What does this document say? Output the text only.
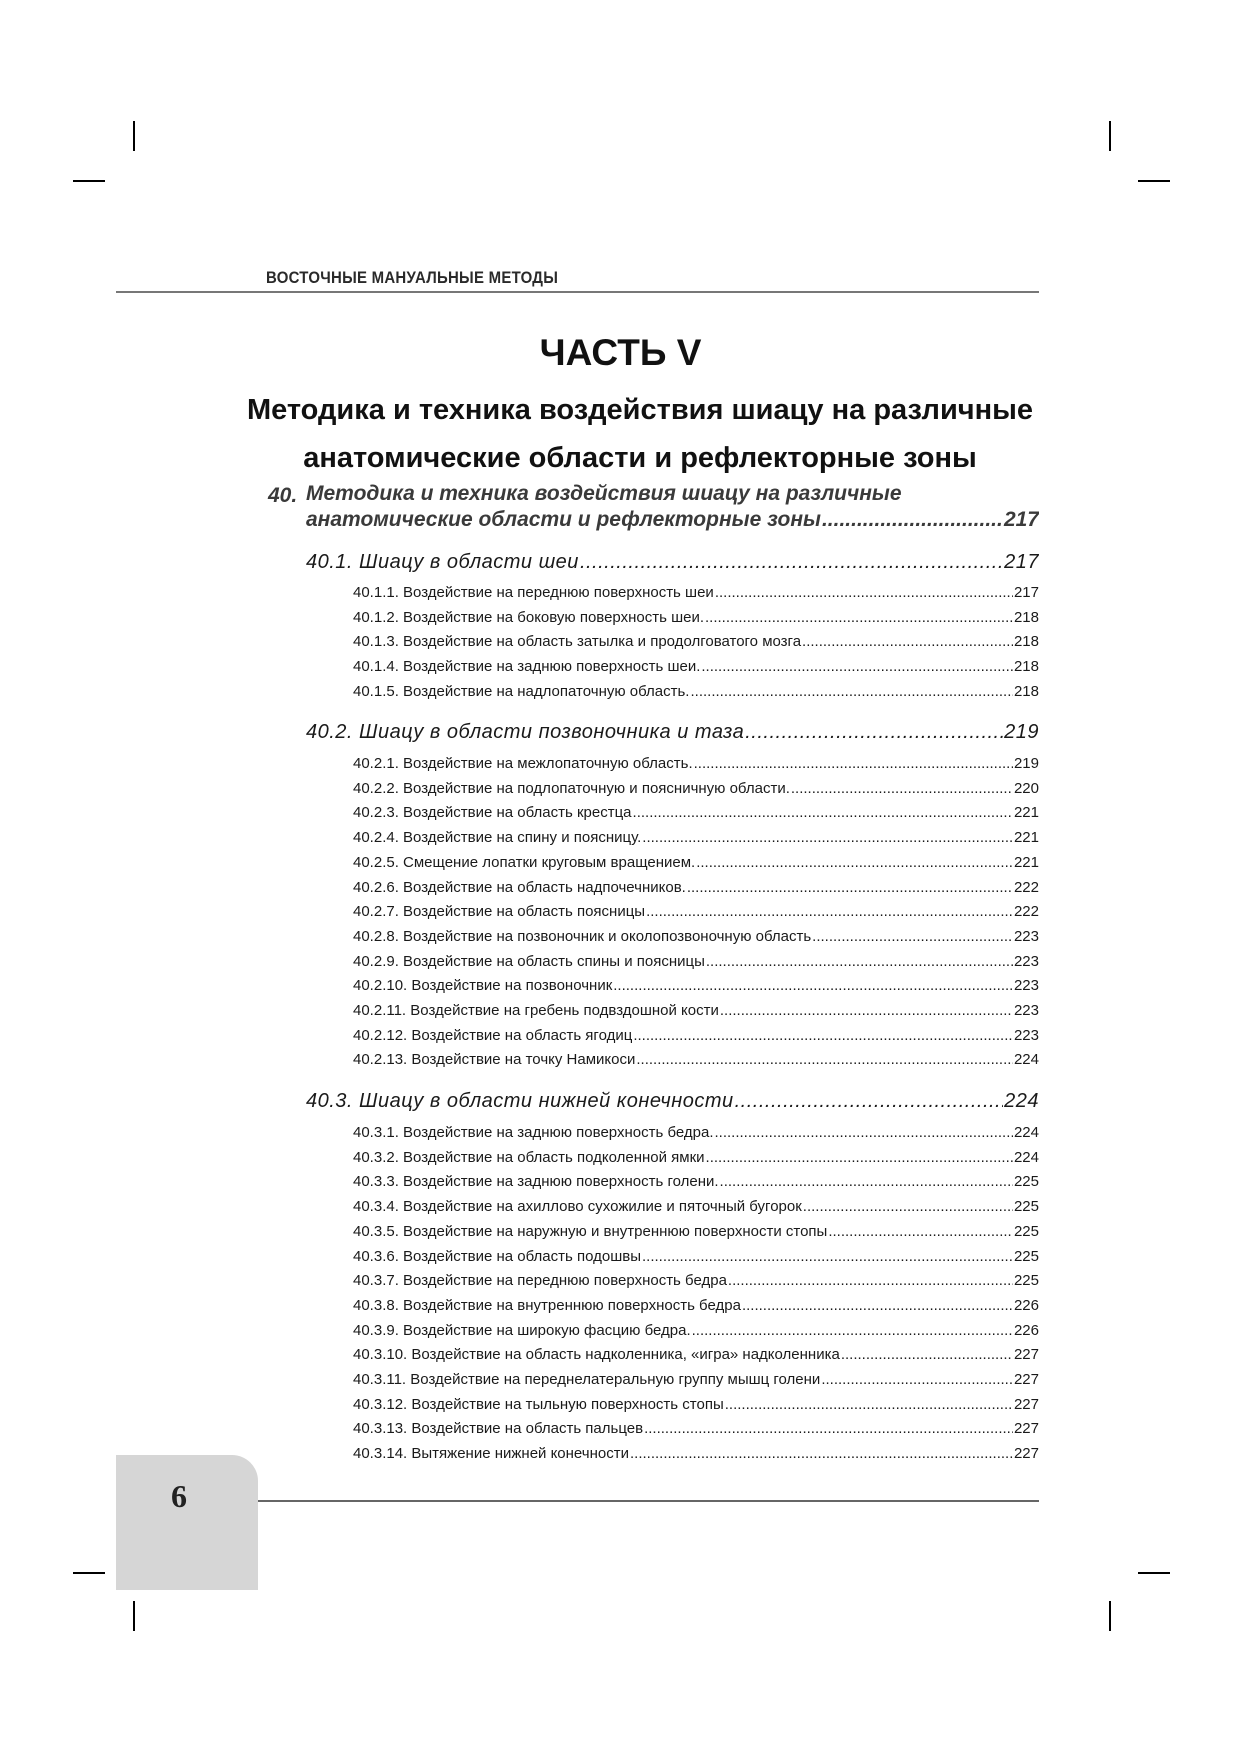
ВОСТОЧНЫЕ МАНУАЛЬНЫЕ МЕТОДЫ
ЧАСТЬ V
Методика и техника воздействия шиацу на различные
анатомические области и рефлекторные зоны
40. Методика и техника воздействия шиацу на различные
анатомические области и рефлекторные зоны .....	217
40.1. Шиацу в области шеи .....	217
40.1.1. Воздействие на переднюю поверхность шеи .....	217
40.1.2. Воздействие на боковую поверхность шеи. .....	218
40.1.3. Воздействие на область затылка и продолговатого мозга .....	218
40.1.4. Воздействие на заднюю поверхность шеи. .....	218
40.1.5. Воздействие на надлопаточную область. .....	218
40.2. Шиацу в области позвоночника и таза .....	219
40.2.1. Воздействие на межлопаточную область. .....	219
40.2.2. Воздействие на подлопаточную и поясничную области. .....	220
40.2.3. Воздействие на область крестца .....	221
40.2.4. Воздействие на спину и поясницу. .....	221
40.2.5. Смещение лопатки круговым вращением. .....	221
40.2.6. Воздействие на область надпочечников. .....	222
40.2.7. Воздействие на область поясницы .....	222
40.2.8. Воздействие на позвоночник и околопозвоночную область .....	223
40.2.9. Воздействие на область спины и поясницы .....	223
40.2.10. Воздействие на позвоночник .....	223
40.2.11. Воздействие на гребень подвздошной кости .....	223
40.2.12. Воздействие на область ягодиц .....	223
40.2.13. Воздействие на точку Намикоси .....	224
40.3. Шиацу в области нижней конечности .....	224
40.3.1. Воздействие на заднюю поверхность бедра. .....	224
40.3.2. Воздействие на область подколенной ямки .....	224
40.3.3. Воздействие на заднюю поверхность голени. .....	225
40.3.4. Воздействие на ахиллово сухожилие и пяточный бугорок .....	225
40.3.5. Воздействие на наружную и внутреннюю поверхности стопы .....	225
40.3.6. Воздействие на область подошвы .....	225
40.3.7. Воздействие на переднюю поверхность бедра .....	225
40.3.8. Воздействие на внутреннюю поверхность бедра .....	226
40.3.9. Воздействие на широкую фасцию бедра. .....	226
40.3.10. Воздействие на область надколенника, «игра» надколенника .....	227
40.3.11. Воздействие на переднелатеральную группу мышц голени .....	227
40.3.12. Воздействие на тыльную поверхность стопы .....	227
40.3.13. Воздействие на область пальцев .....	227
40.3.14. Вытяжение нижней конечности .....	227
6
